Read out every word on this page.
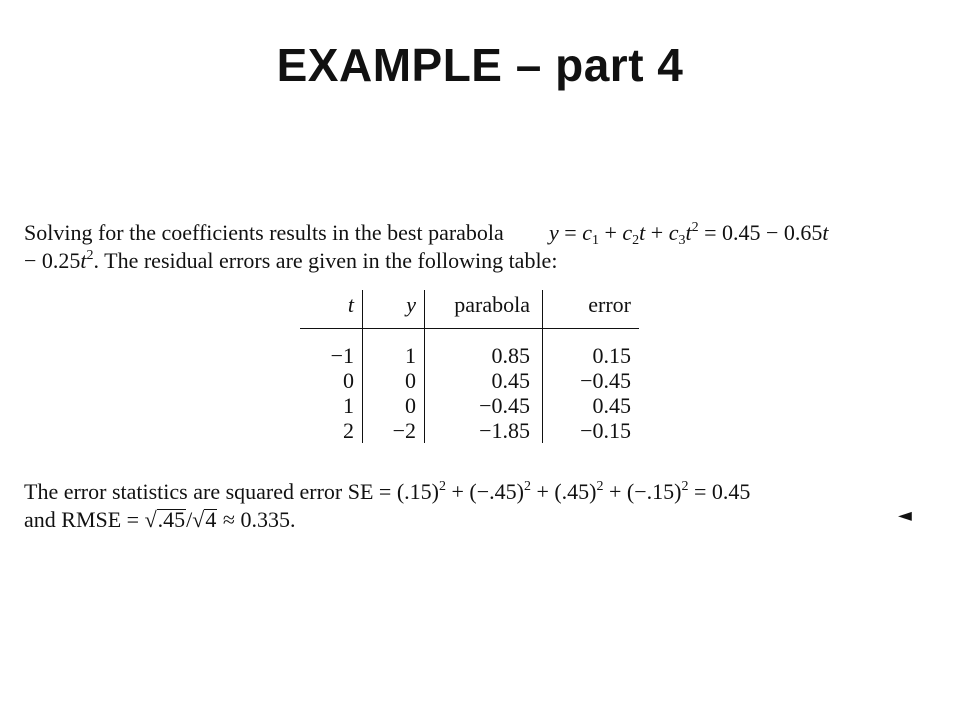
EXAMPLE – part 4
Solving for the coefficients results in the best parabola $y = c_1 + c_2t + c_3t^2 = 0.45 - 0.65t$
− $0.25t^2$. The residual errors are given in the following table:
t	y	parabola	error
−1	1	0.85	0.15
0	0	0.45	−0.45
1	0	−0.45	0.45
2	−2	−1.85	−0.15
The error statistics are squared error SE = $(.15)^2 + (-.45)^2 + (.45)^2 + (-.15)^2 = 0.45$
and RMSE = √.45/√4 ≈ 0.335.	◄
